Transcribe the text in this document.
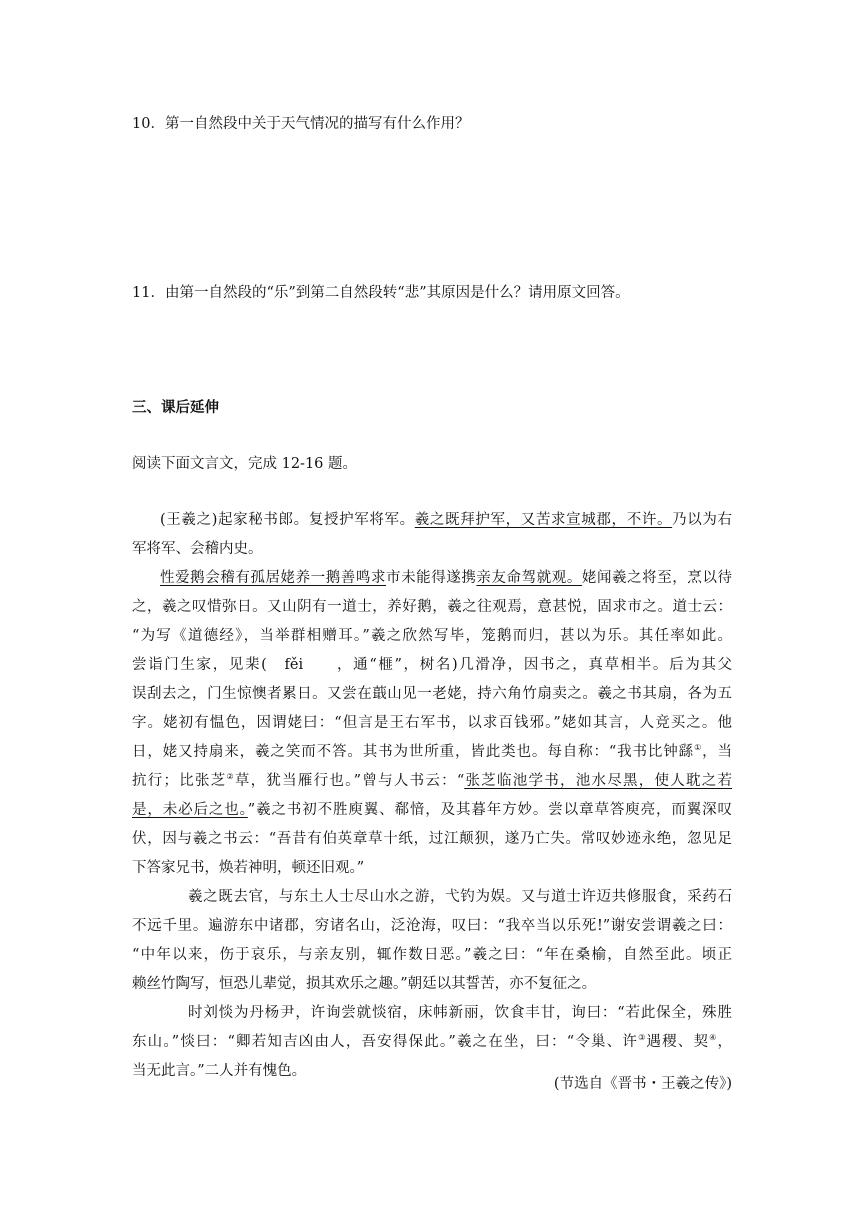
10．第一自然段中关于天气情况的描写有什么作用？
11．由第一自然段的“乐”到第二自然段转“悲”其原因是什么？请用原文回答。
三、课后延伸
阅读下面文言文，完成 12-16 题。
(王羲之)起家秘书郎。复授护军将军。羲之既拜护军，又苦求宣城郡，不许。乃以为右
军将军、会稽内史。
性爱鹅会稽有孤居姥养一鹅善鸣求市未能得遂携亲友命驾就观。姥闻羲之将至，烹以待
之，羲之叹惜弥日。又山阴有一道士，养好鹅，羲之往观焉，意甚悦，固求市之。道士云：
“为写《道德经》，当举群相赠耳。”羲之欣然写毕，笼鹅而归，甚以为乐。其任率如此。
尝诣门生家，见棐(　fěi　　，通“榧”，树名)几滑净，因书之，真草相半。后为其父
误刮去之，门生惊懊者累日。又尝在蕺山见一老姥，持六角竹扇卖之。羲之书其扇，各为五
字。姥初有愠色，因谓姥曰：“但言是王右军书，以求百钱邪。”姥如其言，人竞买之。他
日，姥又持扇来，羲之笑而不答。其书为世所重，皆此类也。每自称：“我书比钟繇①，当
抗行；比张芝②草，犹当雁行也。”曾与人书云：“张芝临池学书，池水尽黑，使人耽之若
是，未必后之也。”羲之书初不胜庾翼、郗愔，及其暮年方妙。尝以章草答庾亮，而翼深叹
伏，因与羲之书云：“吾昔有伯英章草十纸，过江颠狈，遂乃亡失。常叹妙迹永绝，忽见足
下答家兄书，焕若神明，顿还旧观。”
羲之既去官，与东土人士尽山水之游，弋钓为娱。又与道士许迈共修服食，采药石
不远千里。遍游东中诸郡，穷诸名山，泛沧海，叹曰：“我卒当以乐死!”谢安尝谓羲之曰：
“中年以来，伤于哀乐，与亲友别，辄作数日恶。”羲之曰：“年在桑榆，自然至此。顷正
赖丝竹陶写，恒恐儿辈觉，损其欢乐之趣。”朝廷以其誓苦，亦不复征之。
时刘惔为丹杨尹，许询尝就惔宿，床帏新丽，饮食丰甘，询曰：“若此保全，殊胜
东山。”惔曰：“卿若知吉凶由人，吾安得保此。”羲之在坐，曰：“令巢、许③遇稷、契④，
当无此言。”二人并有愧色。
(节选自《晋书・王羲之传》)
